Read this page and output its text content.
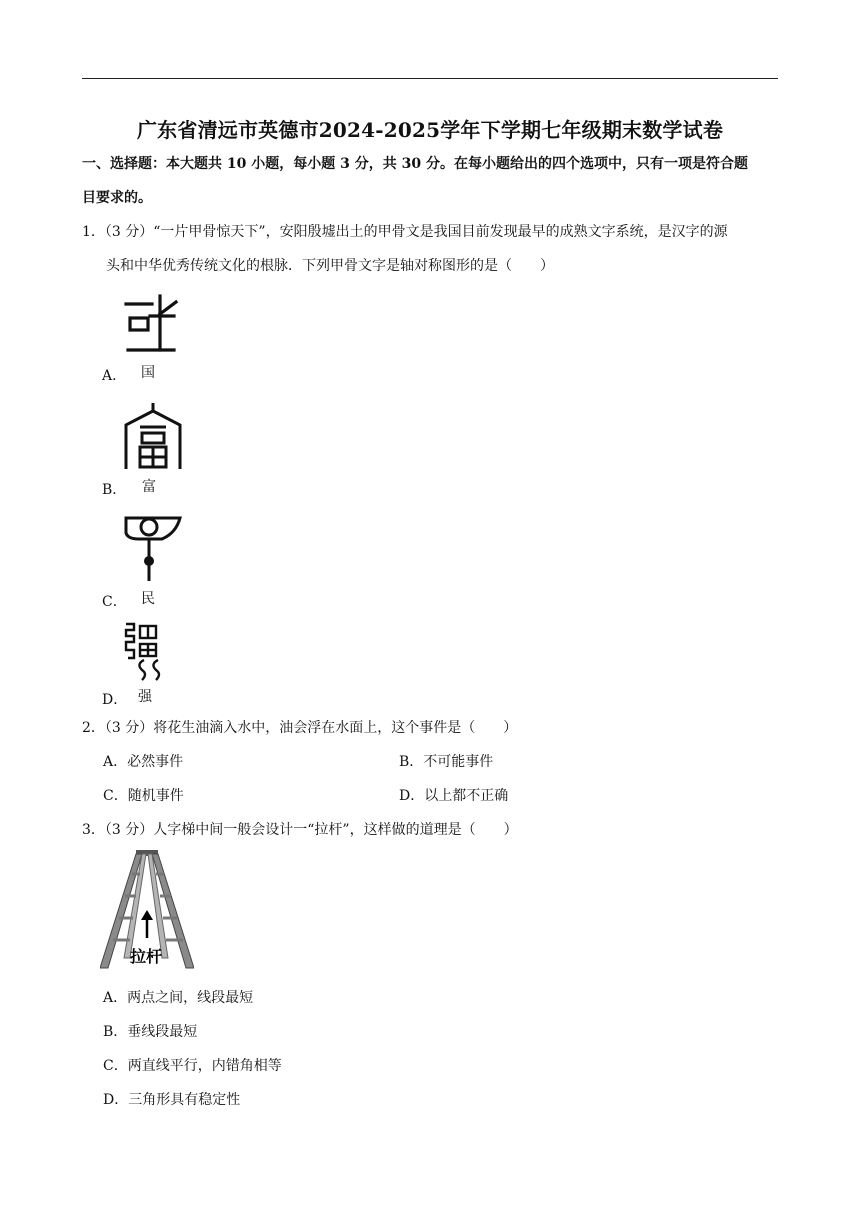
广东省清远市英德市2024-2025学年下学期七年级期末数学试卷
一、选择题：本大题共 10 小题，每小题 3 分，共 30 分。在每小题给出的四个选项中，只有一项是符合题
目要求的。
1．（3 分）“一片甲骨惊天下”，安阳殷墟出土的甲骨文是我国目前发现最早的成熟文字系统，是汉字的源
头和中华优秀传统文化的根脉．下列甲骨文字是轴对称图形的是（　　）
A． 国
B． 富
C． 民
D． 强
2．（3 分）将花生油滴入水中，油会浮在水面上，这个事件是（　　）
A．必然事件	B．不可能事件
C．随机事件	D．以上都不正确
3．（3 分）人字梯中间一般会设计一“拉杆”，这样做的道理是（　　）
拉杆
A．两点之间，线段最短
B．垂线段最短
C．两直线平行，内错角相等
D．三角形具有稳定性
